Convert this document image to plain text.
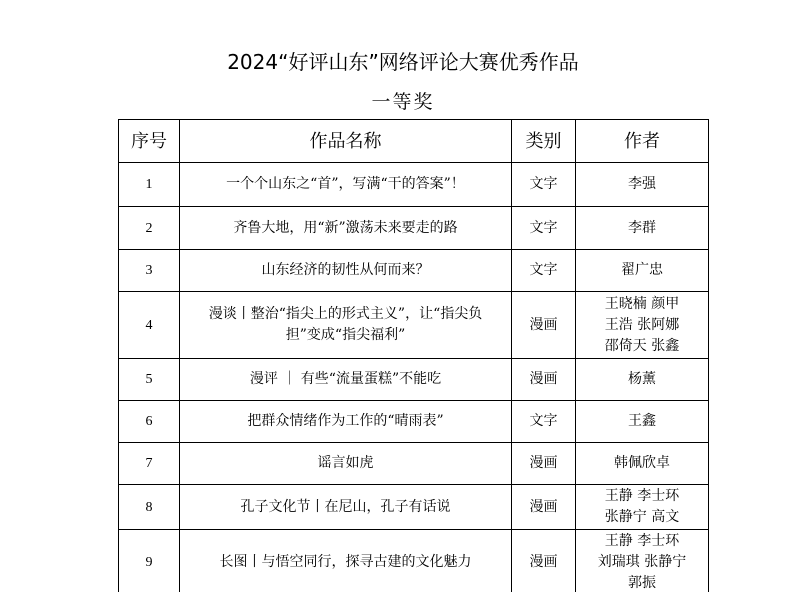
2024“好评山东”网络评论大赛优秀作品
一等奖
序号	作品名称	类别	作者
1	一个个山东之“首”，写满“干的答案”！	文字	李强

2	齐鲁大地，用“新”激荡未来要走的路	文字	李群

3	山东经济的韧性从何而来？	文字	翟广忠

4	漫谈丨整治“指尖上的形式主义”，让“指尖负担”变成“指尖福利”	漫画	王晓楠 颜甲
王浩 张阿娜
邵倚天 张鑫

5	漫评 ｜ 有些“流量蛋糕”不能吃	漫画	杨薰

6	把群众情绪作为工作的“晴雨表”	文字	王鑫

7	谣言如虎	漫画	韩佩欣卓

8	孔子文化节丨在尼山，孔子有话说	漫画	王静 李士环
张静宁 高文

9	长图丨与悟空同行，探寻古建的文化魅力	漫画	王静 李士环
刘瑞琪 张静宁
郭振
